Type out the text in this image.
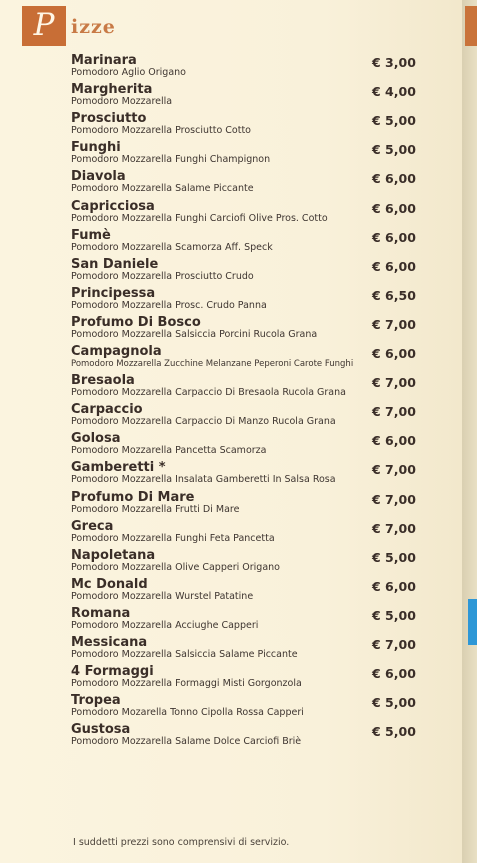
P izze
Marinara
Pomodoro Aglio Origano
€ 3,00
Margherita
Pomodoro Mozzarella
€ 4,00
Prosciutto
Pomodoro Mozzarella Prosciutto Cotto
€ 5,00
Funghi
Pomodoro Mozzarella Funghi Champignon
€ 5,00
Diavola
Pomodoro Mozzarella Salame Piccante
€ 6,00
Capricciosa
Pomodoro Mozzarella Funghi Carciofi Olive Pros. Cotto
€ 6,00
Fumè
Pomodoro Mozzarella Scamorza Aff. Speck
€ 6,00
San Daniele
Pomodoro Mozzarella Prosciutto Crudo
€ 6,00
Principessa
Pomodoro Mozzarella Prosc. Crudo Panna
€ 6,50
Profumo Di Bosco
Pomodoro Mozzarella Salsiccia Porcini Rucola Grana
€ 7,00
Campagnola
Pomodoro Mozzarella Zucchine Melanzane Peperoni Carote Funghi
€ 6,00
Bresaola
Pomodoro Mozzarella Carpaccio Di Bresaola Rucola Grana
€ 7,00
Carpaccio
Pomodoro Mozzarella Carpaccio Di Manzo Rucola Grana
€ 7,00
Golosa
Pomodoro Mozzarella Pancetta Scamorza
€ 6,00
Gamberetti *
Pomodoro Mozzarella Insalata Gamberetti In Salsa Rosa
€ 7,00
Profumo Di Mare
Pomodoro Mozzarella Frutti Di Mare
€ 7,00
Greca
Pomodoro Mozzarella Funghi Feta Pancetta
€ 7,00
Napoletana
Pomodoro Mozzarella Olive Capperi Origano
€ 5,00
Mc Donald
Pomodoro Mozzarella Wurstel Patatine
€ 6,00
Romana
Pomodoro Mozzarella Acciughe Capperi
€ 5,00
Messicana
Pomodoro Mozzarella Salsiccia Salame Piccante
€ 7,00
4 Formaggi
Pomodoro Mozzarella Formaggi Misti Gorgonzola
€ 6,00
Tropea
Pomodoro Mozarella Tonno Cipolla Rossa Capperi
€ 5,00
Gustosa
Pomodoro Mozzarella Salame Dolce Carciofi Briè
€ 5,00
I suddetti prezzi sono comprensivi di servizio.
